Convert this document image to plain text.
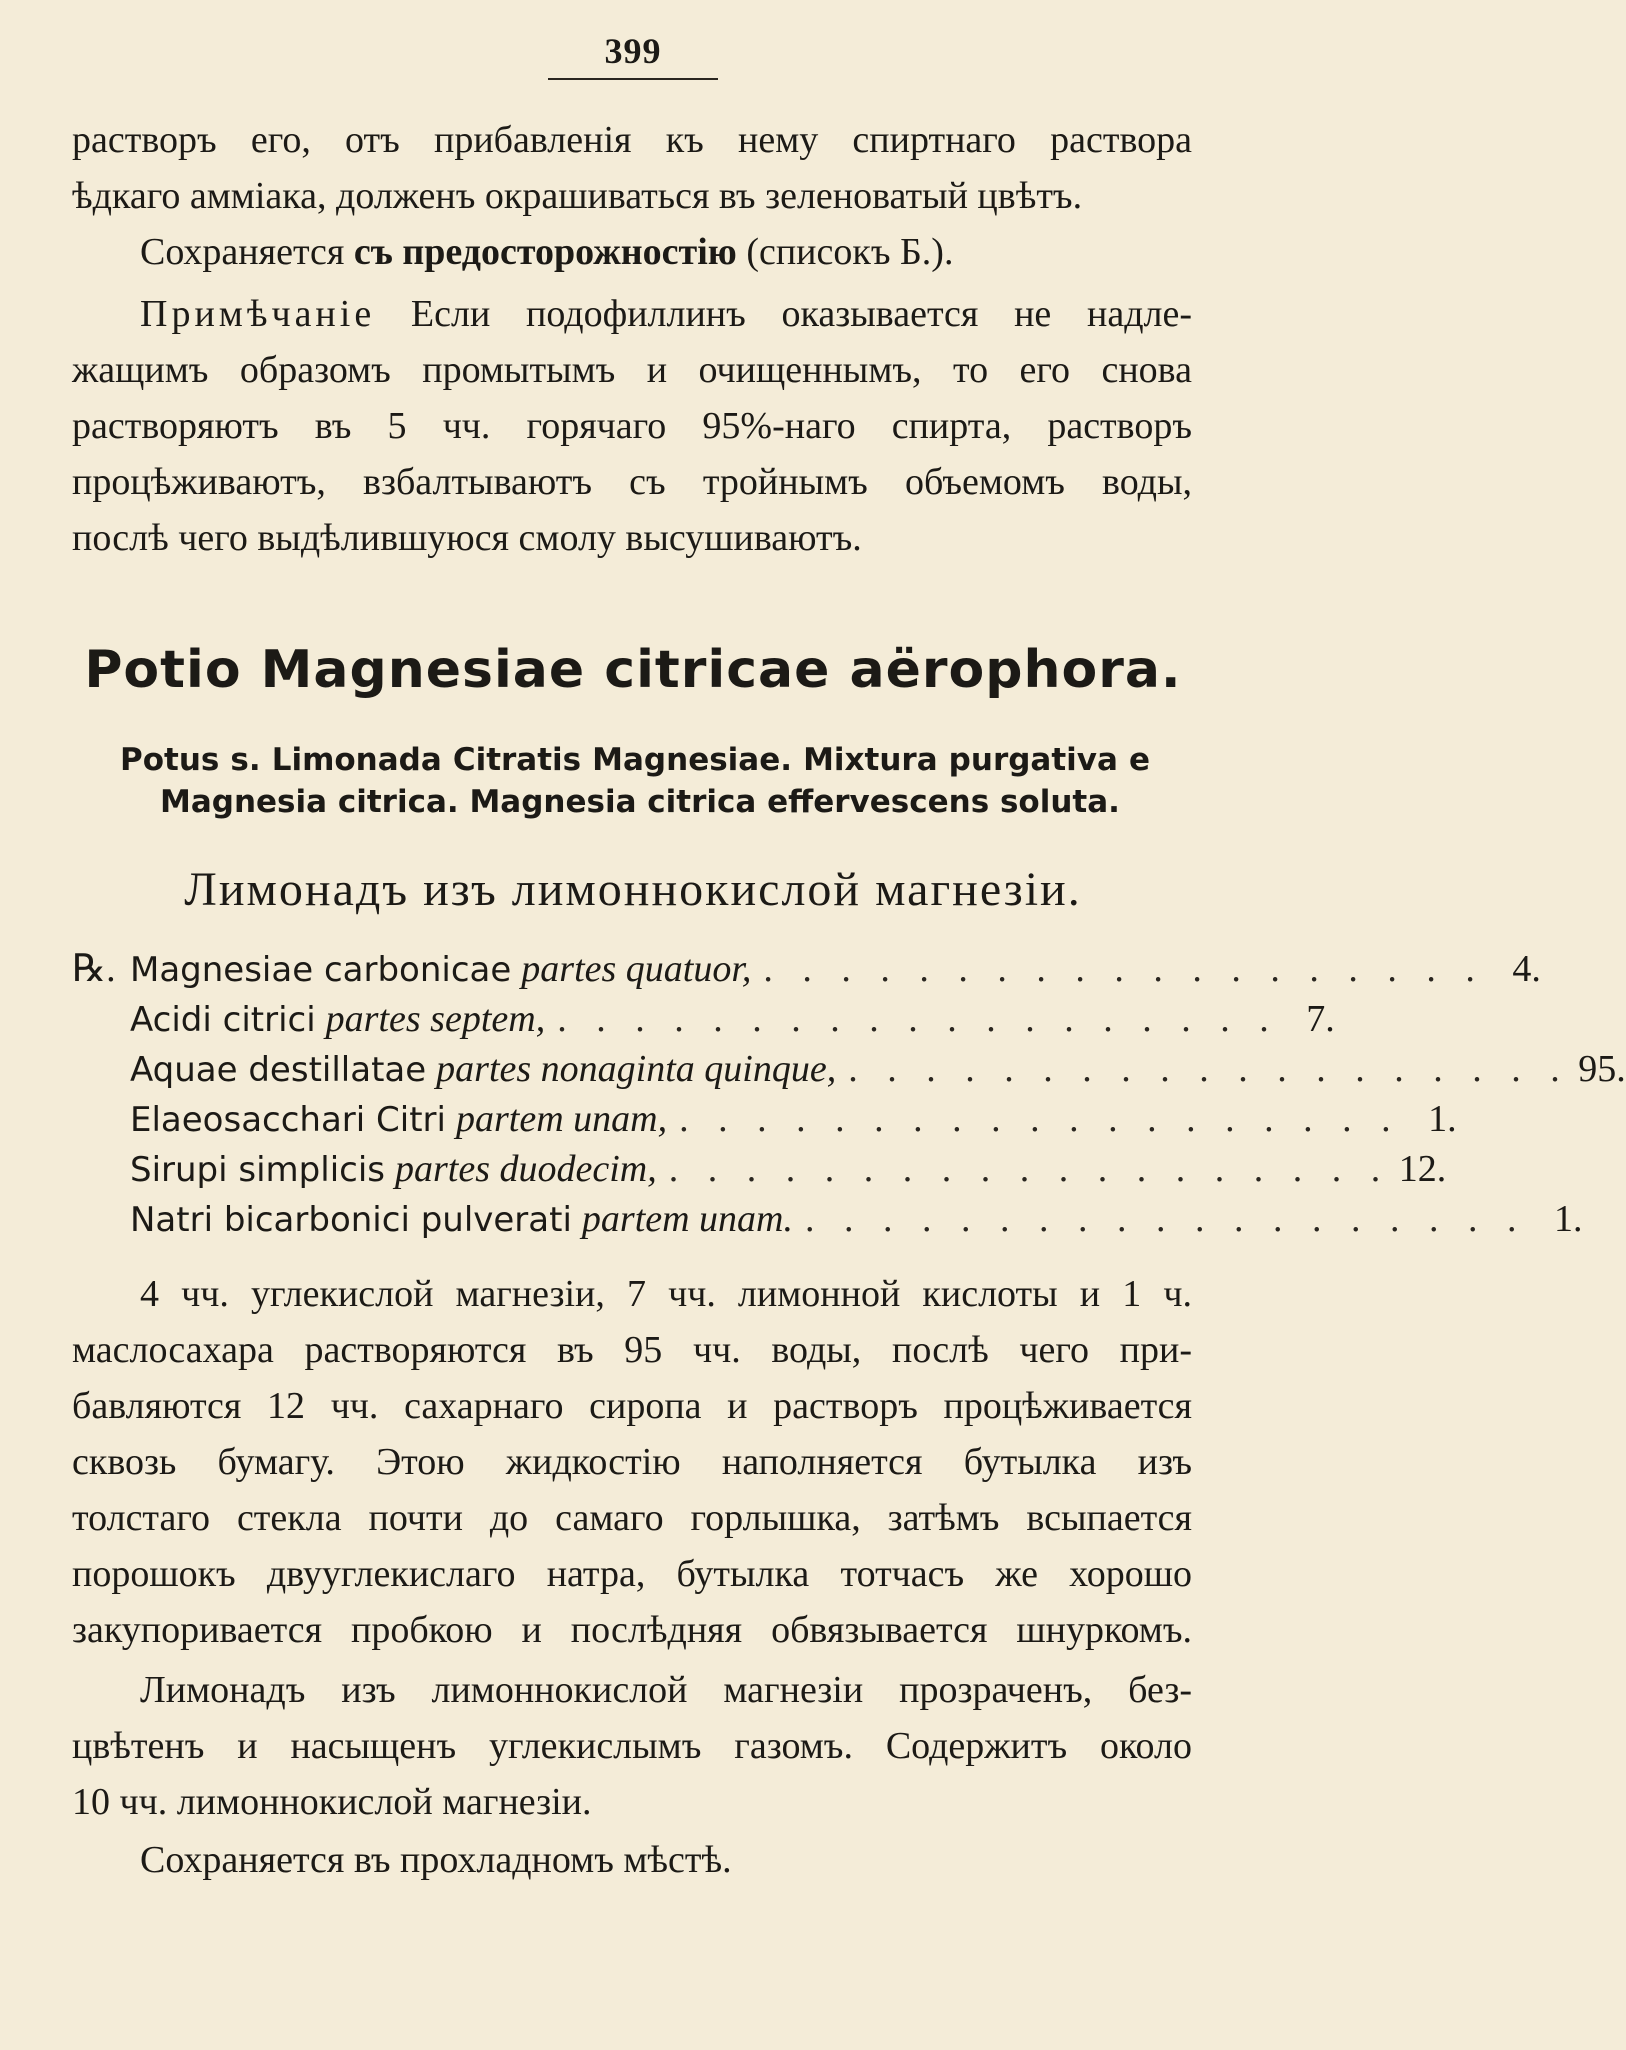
399
растворъ его, отъ прибавленія къ нему спиртнаго раствора
ѣдкаго амміака, долженъ окрашиваться въ зеленоватый цвѣтъ.
Сохраняется съ предосторожностію (списокъ Б.).
Примѣчаніе Если подофиллинъ оказывается не надле-
жащимъ образомъ промытымъ и очищеннымъ, то его снова
растворяютъ въ 5 чч. горячаго 95%-наго спирта, растворъ
процѣживаютъ, взбалтываютъ съ тройнымъ объемомъ воды,
послѣ чего выдѣлившуюся смолу высушиваютъ.
Potio Magnesiae citricae aërophora.
Potus s. Limonada Citratis Magnesiae. Mixtura purgativa e
Magnesia citrica. Magnesia citrica effervescens soluta.
Лимонадъ изъ лимоннокислой магнезіи.
℞. Magnesiae carbonicae partes quatuor, . . . . . . . . . . . . . . . . . . . 4.
Acidi citrici partes septem, . . . . . . . . . . . . . . . . . . . 7.
Aquae destillatae partes nonaginta quinque, . . . . . . . . . . . . . . . . . . . 95.
Elaeosacchari Citri partem unam, . . . . . . . . . . . . . . . . . . . 1.
Sirupi simplicis partes duodecim, . . . . . . . . . . . . . . . . . . . 12.
Natri bicarbonici pulverati partem unam. . . . . . . . . . . . . . . . . . . . 1.
4 чч. углекислой магнезіи, 7 чч. лимонной кислоты и 1 ч.
маслосахара растворяются въ 95 чч. воды, послѣ чего при-
бавляются 12 чч. сахарнаго сиропа и растворъ процѣживается
сквозь бумагу. Этою жидкостію наполняется бутылка изъ
толстаго стекла почти до самаго горлышка, затѣмъ всыпается
порошокъ двууглекислаго натра, бутылка тотчасъ же хорошо
закупоривается пробкою и послѣдняя обвязывается шнуркомъ.
Лимонадъ изъ лимоннокислой магнезіи прозраченъ, без-
цвѣтенъ и насыщенъ углекислымъ газомъ. Содержитъ около
10 чч. лимоннокислой магнезіи.
Сохраняется въ прохладномъ мѣстѣ.
